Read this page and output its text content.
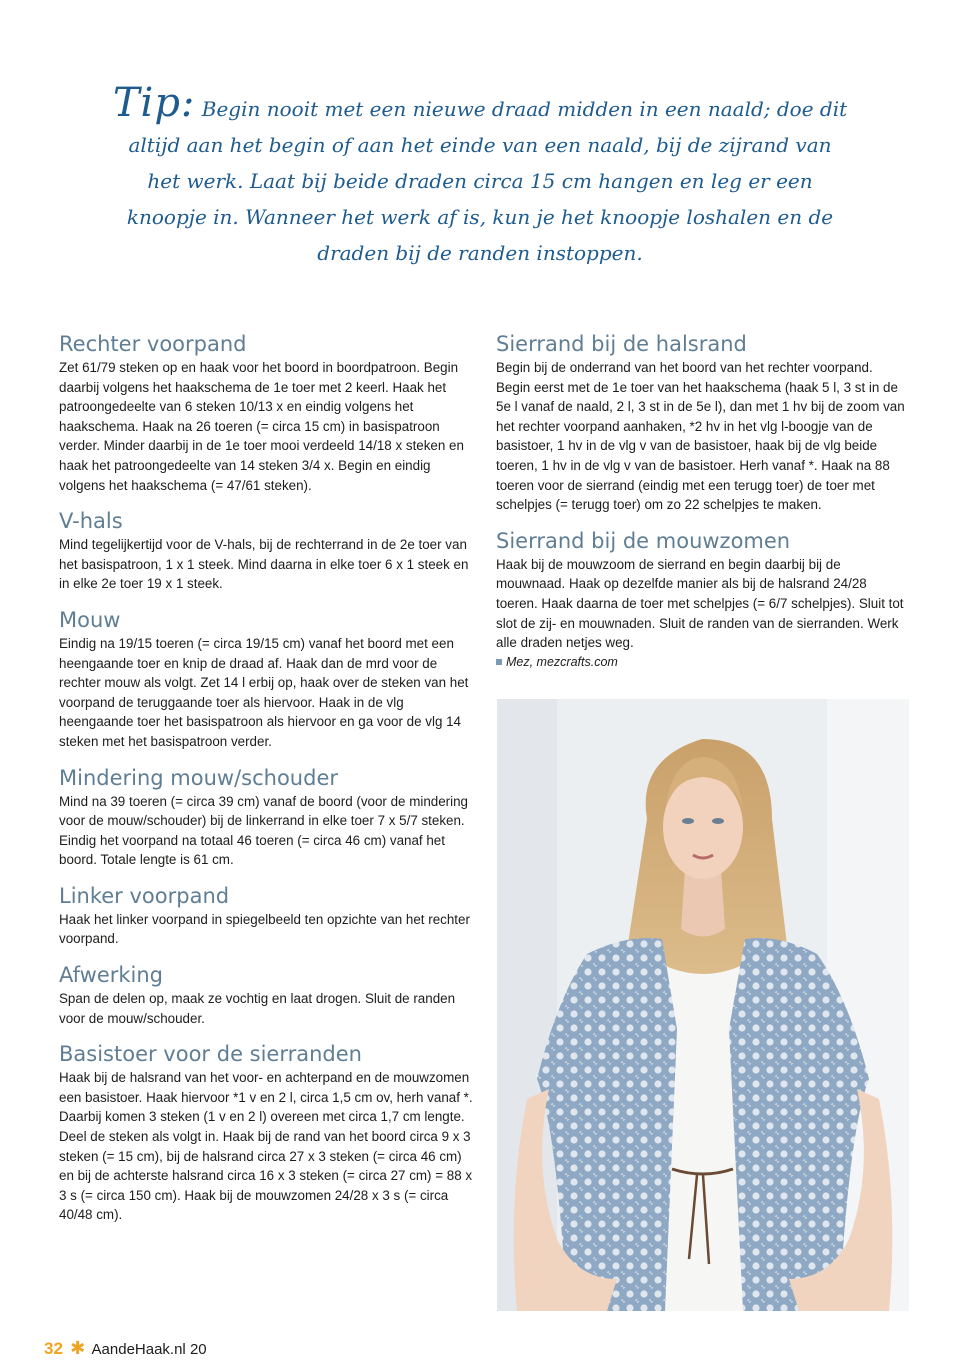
Tip: Begin nooit met een nieuwe draad midden in een naald; doe dit altijd aan het begin of aan het einde van een naald, bij de zijrand van het werk. Laat bij beide draden circa 15 cm hangen en leg er een knoopje in. Wanneer het werk af is, kun je het knoopje loshalen en de draden bij de randen instoppen.
Rechter voorpand

Zet 61/79 steken op en haak voor het boord in boordpatroon. Begin daarbij volgens het haakschema de 1e toer met 2 keerl. Haak het patroongedeelte van 6 steken 10/13 x en eindig volgens het haakschema. Haak na 26 toeren (= circa 15 cm) in basispatroon verder. Minder daarbij in de 1e toer mooi verdeeld 14/18 x steken en haak het patroongedeelte van 14 steken 3/4 x. Begin en eindig volgens het haakschema (= 47/61 steken).

V-hals

Mind tegelijkertijd voor de V-hals, bij de rechterrand in de 2e toer van het basispatroon, 1 x 1 steek. Mind daarna in elke toer 6 x 1 steek en in elke 2e toer 19 x 1 steek.

Mouw

Eindig na 19/15 toeren (= circa 19/15 cm) vanaf het boord met een heengaande toer en knip de draad af. Haak dan de mrd voor de rechter mouw als volgt. Zet 14 l erbij op, haak over de steken van het voorpand de teruggaande toer als hiervoor. Haak in de vlg heengaande toer het basispatroon als hiervoor en ga voor de vlg 14 steken met het basispatroon verder.

Mindering mouw/schouder

Mind na 39 toeren (= circa 39 cm) vanaf de boord (voor de mindering voor de mouw/schouder) bij de linkerrand in elke toer 7 x 5/7 steken. Eindig het voorpand na totaal 46 toeren (= circa 46 cm) vanaf het boord. Totale lengte is 61 cm.

Linker voorpand

Haak het linker voorpand in spiegelbeeld ten opzichte van het rechter voorpand.

Afwerking

Span de delen op, maak ze vochtig en laat drogen. Sluit de randen voor de mouw/schouder.

Basistoer voor de sierranden

Haak bij de halsrand van het voor- en achterpand en de mouwzomen een basistoer. Haak hiervoor *1 v en 2 l, circa 1,5 cm ov, herh vanaf *. Daarbij komen 3 steken (1 v en 2 l) overeen met circa 1,7 cm lengte. Deel de steken als volgt in. Haak bij de rand van het boord circa 9 x 3 steken (= 15 cm), bij de halsrand circa 27 x 3 steken (= circa 46 cm) en bij de achterste halsrand circa 16 x 3 steken (= circa 27 cm) = 88 x 3 s (= circa 150 cm). Haak bij de mouwzomen 24/28 x 3 s (= circa 40/48 cm).

Sierrand bij de halsrand

Begin bij de onderrand van het boord van het rechter voorpand. Begin eerst met de 1e toer van het haakschema (haak 5 l, 3 st in de 5e l vanaf de naald, 2 l, 3 st in de 5e l), dan met 1 hv bij de zoom van het rechter voorpand aanhaken, *2 hv in het vlg l-boogje van de basistoer, 1 hv in de vlg v van de basistoer, haak bij de vlg beide toeren, 1 hv in de vlg v van de basistoer. Herh vanaf *. Haak na 88 toeren voor de sierrand (eindig met een terugg toer) de toer met schelpjes (= terugg toer) om zo 22 schelpjes te maken.

Sierrand bij de mouwzomen

Haak bij de mouwzoom de sierrand en begin daarbij bij de mouwnaad. Haak op dezelfde manier als bij de halsrand 24/28 toeren. Haak daarna de toer met schelpjes (= 6/7 schelpjes). Sluit tot slot de zij- en mouwnaden. Sluit de randen van de sierranden. Werk alle draden netjes weg.

Mez, mezcrafts.com
32 ✱ AandeHaak.nl 20
